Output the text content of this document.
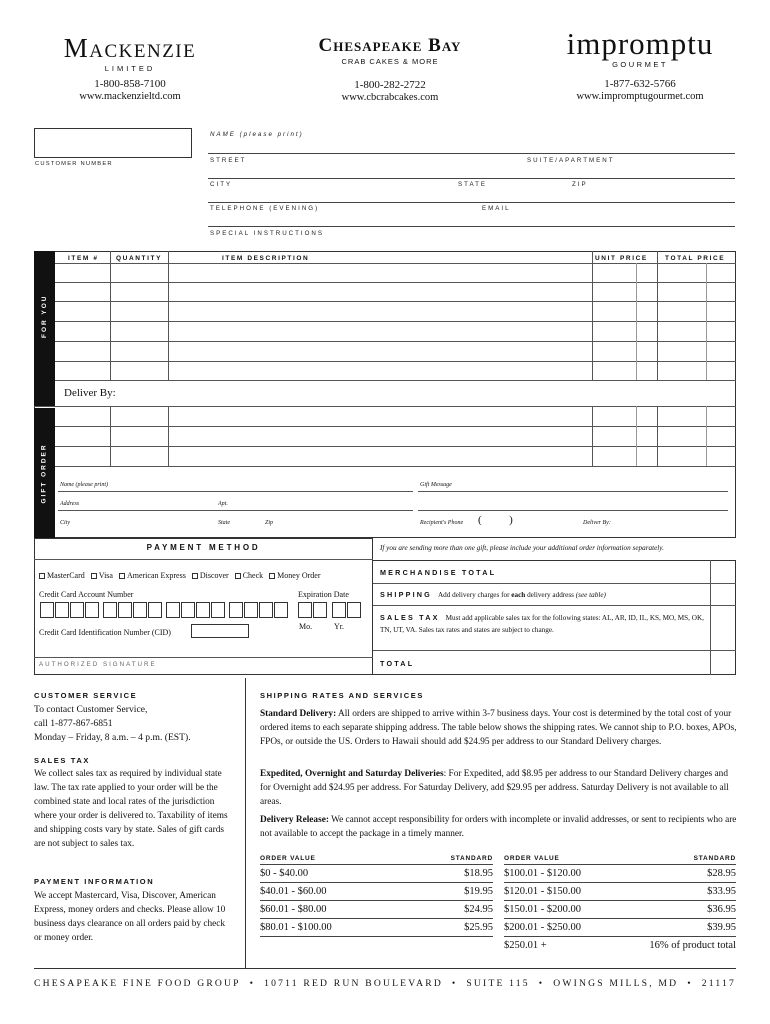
Mackenzie
LIMITED
1-800-858-7100
www.mackenzieltd.com
Chesapeake Bay
CRAB CAKES & MORE
1-800-282-2722
www.cbcrabcakes.com
impromptu
GOURMET
1-877-632-5766
www.impromptugourmet.com
CUSTOMER NUMBER
NAME (please print)
STREET	SUITE/APARTMENT
CITY	STATE	ZIP
TELEPHONE (EVENING)	EMAIL
SPECIAL INSTRUCTIONS
FOR YOU
GIFT ORDER
ITEM #	QUANTITY	ITEM DESCRIPTION	UNIT PRICE	TOTAL PRICE
Deliver By:
Name (please print)	Gift Message
Address	Apt.
City	State	Zip	Recipient's Phone (          )	Deliver By:
PAYMENT METHOD
MasterCard Visa American Express Discover Check Money Order
Credit Card Account Number	Expiration Date
Mo.	Yr.
Credit Card Identification Number (CID)
AUTHORIZED SIGNATURE
If you are sending more than one gift, please include your additional order information separately.
MERCHANDISE TOTAL
SHIPPING Add delivery charges for each delivery address (see table)
SALES TAX Must add applicable sales tax for the following states: AL, AR, ID, IL, KS, MO, MS, OK, TN, UT, VA. Sales tax rates and states are subject to change.
TOTAL
CUSTOMER SERVICE
To contact Customer Service,
call 1-877-867-6851
Monday – Friday, 8 a.m. – 4 p.m. (EST).
SALES TAX
We collect sales tax as required by individual state law. The tax rate applied to your order will be the combined state and local rates of the jurisdiction where your order is delivered to. Taxability of items and shipping costs vary by state. Sales of gift cards are not subject to sales tax.
PAYMENT INFORMATION
We accept Mastercard, Visa, Discover, American Express, money orders and checks. Please allow 10 business days clearance on all orders paid by check or money order.
SHIPPING RATES AND SERVICES
Standard Delivery: All orders are shipped to arrive within 3-7 business days. Your cost is determined by the total cost of your ordered items to each separate shipping address. The table below shows the shipping rates. We cannot ship to P.O. boxes, APOs, FPOs, or outside the US. Orders to Hawaii should add $24.95 per address to our Standard Delivery charges.
Expedited, Overnight and Saturday Deliveries: For Expedited, add $8.95 per address to our Standard Delivery charges and for Overnight add $24.95 per address. For Saturday Delivery, add $29.95 per address. Saturday Delivery is not available to all areas.
Delivery Release: We cannot accept responsibility for orders with incomplete or invalid addresses, or sent to recipients who are not available to accept the package in a timely manner.
ORDER VALUE	STANDARD
$0 - $40.00	$18.95
$40.01 - $60.00	$19.95
$60.01 - $80.00	$24.95
$80.01 - $100.00	$25.95
ORDER VALUE	STANDARD
$100.01 - $120.00	$28.95
$120.01 - $150.00	$33.95
$150.01 - $200.00	$36.95
$200.01 - $250.00	$39.95
$250.01 +	16% of product total
CHESAPEAKE FINE FOOD GROUP • 10711 RED RUN BOULEVARD • SUITE 115 • OWINGS MILLS, MD • 21117
